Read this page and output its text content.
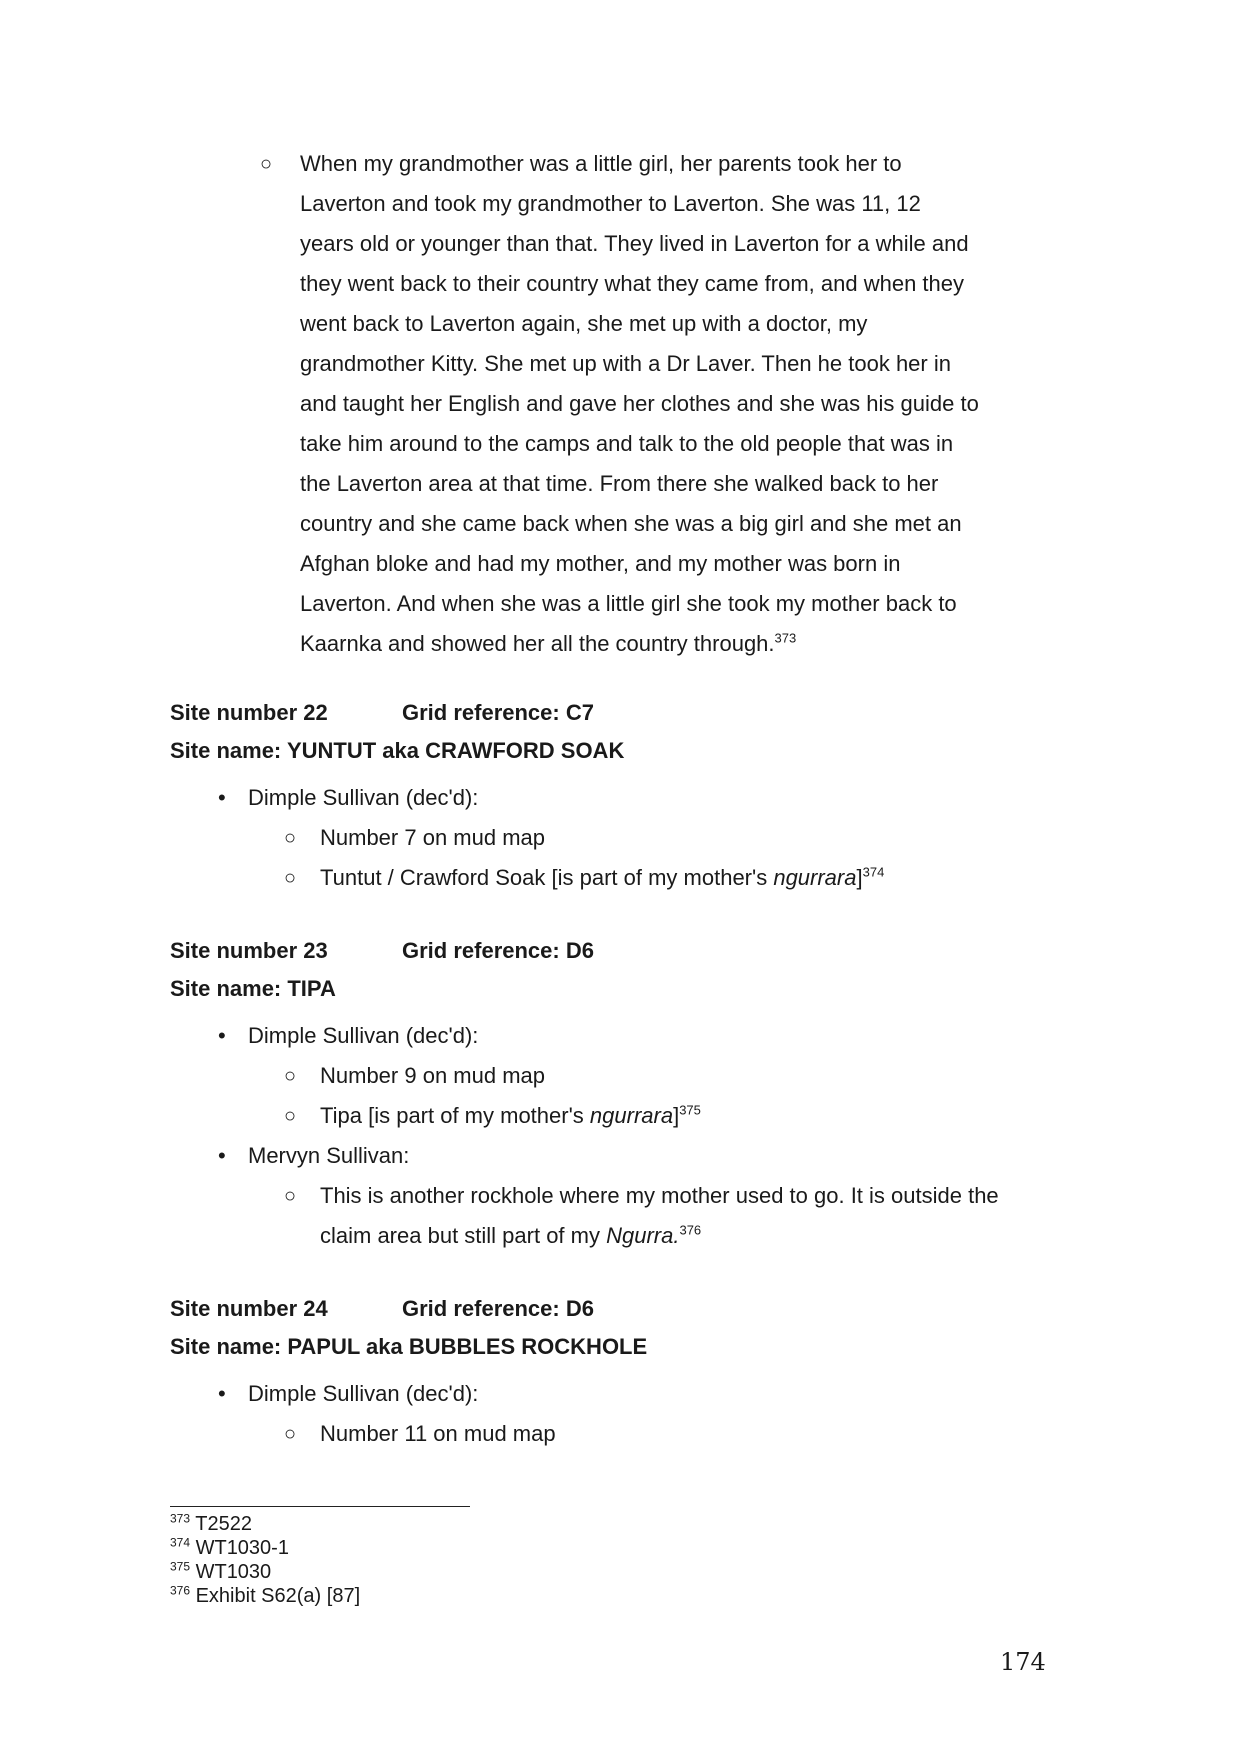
○ When my grandmother was a little girl, her parents took her to
Laverton and took my grandmother to Laverton. She was 11, 12
years old or younger than that. They lived in Laverton for a while and
they went back to their country what they came from, and when they
went back to Laverton again, she met up with a doctor, my
grandmother Kitty. She met up with a Dr Laver. Then he took her in
and taught her English and gave her clothes and she was his guide to
take him around to the camps and talk to the old people that was in
the Laverton area at that time. From there she walked back to her
country and she came back when she was a big girl and she met an
Afghan bloke and had my mother, and my mother was born in
Laverton. And when she was a little girl she took my mother back to
Kaarnka and showed her all the country through.$^{373}$
Site number 22	Grid reference: C7
Site name: YUNTUT aka CRAWFORD SOAK
• Dimple Sullivan (dec'd):
○ Number 7 on mud map
○ Tuntut / Crawford Soak [is part of my mother's ngurrara]$^{374}$
Site number 23	Grid reference: D6
Site name: TIPA
• Dimple Sullivan (dec'd):
○ Number 9 on mud map
○ Tipa [is part of my mother's ngurrara]$^{375}$
• Mervyn Sullivan:
○ This is another rockhole where my mother used to go. It is outside the claim area but still part of my Ngurra.$^{376}$
Site number 24	Grid reference: D6
Site name: PAPUL aka BUBBLES ROCKHOLE
• Dimple Sullivan (dec'd):
○ Number 11 on mud map
$^{373}$ T2522
$^{374}$ WT1030-1
$^{375}$ WT1030
$^{376}$ Exhibit S62(a) [87]
174
